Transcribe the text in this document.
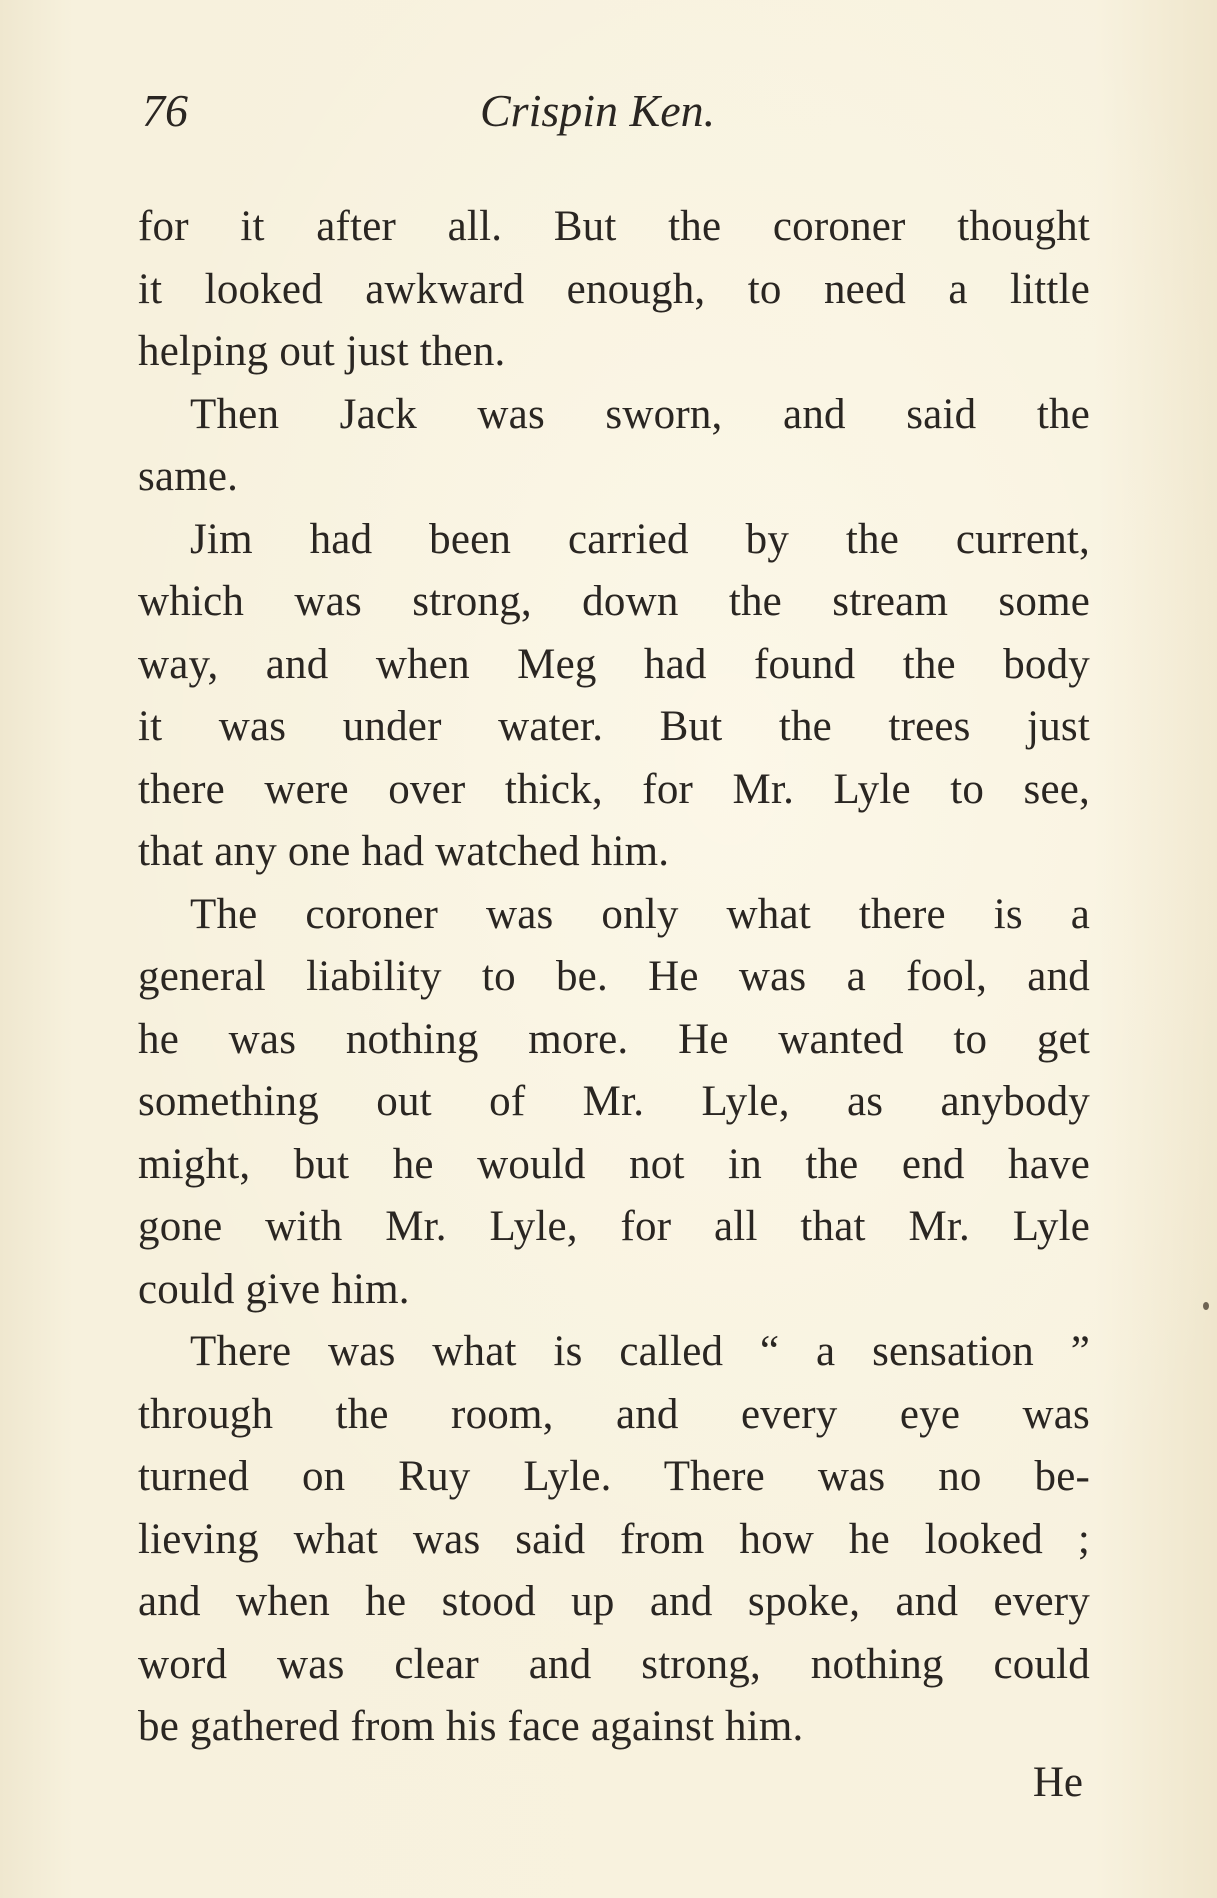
76	Crispin Ken.
for it after all. But the coroner thought
it looked awkward enough, to need a little
helping out just then.
Then Jack was sworn, and said the
same.
Jim had been carried by the current,
which was strong, down the stream some
way, and when Meg had found the body
it was under water. But the trees just
there were over thick, for Mr. Lyle to see,
that any one had watched him.
The coroner was only what there is a
general liability to be. He was a fool, and
he was nothing more. He wanted to get
something out of Mr. Lyle, as anybody
might, but he would not in the end have
gone with Mr. Lyle, for all that Mr. Lyle
could give him.
There was what is called “ a sensation ”
through the room, and every eye was
turned on Ruy Lyle. There was no be-
lieving what was said from how he looked ;
and when he stood up and spoke, and every
word was clear and strong, nothing could
be gathered from his face against him.
He
